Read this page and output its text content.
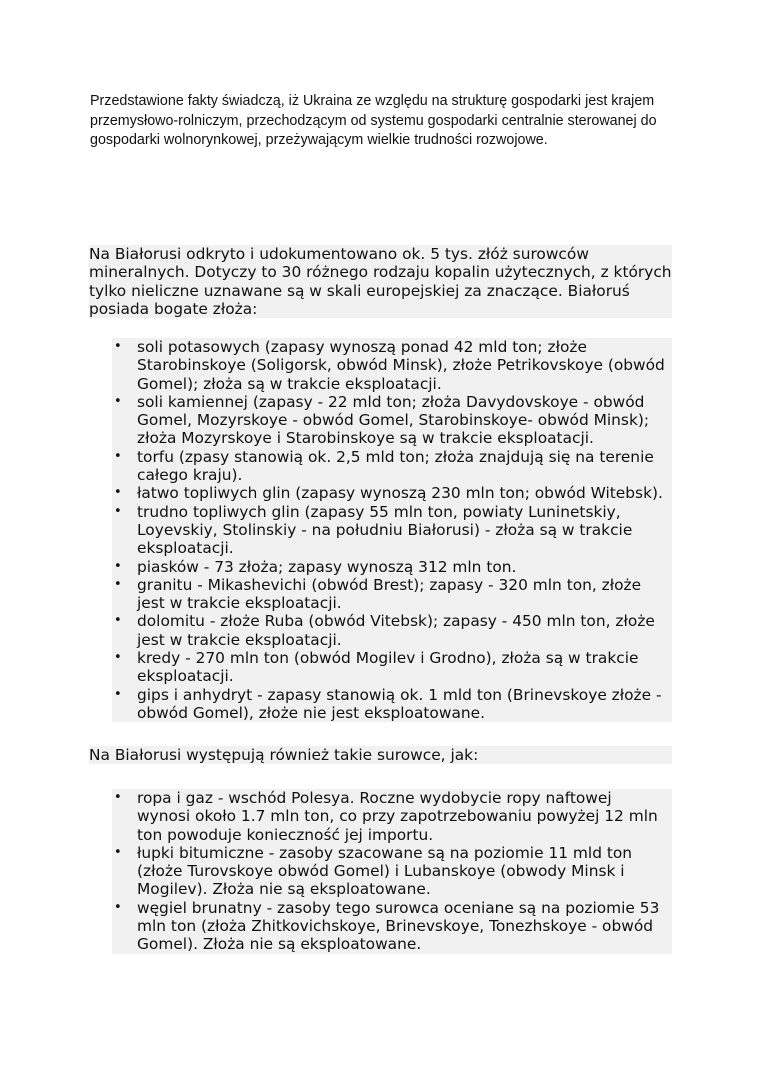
Przedstawione fakty świadczą, iż Ukraina ze względu na strukturę gospodarki jest krajem przemysłowo-rolniczym, przechodzącym od systemu gospodarki centralnie sterowanej do gospodarki wolnorynkowej, przeżywającym wielkie trudności rozwojowe.

Na Białorusi odkryto i udokumentowano ok. 5 tys. złóż surowców mineralnych. Dotyczy to 30 różnego rodzaju kopalin użytecznych, z których tylko nieliczne uznawane są w skali europejskiej za znaczące. Białoruś posiada bogate złoża:

• soli potasowych (zapasy wynoszą ponad 42 mld ton; złoże Starobinskoye (Soligorsk, obwód Minsk), złoże Petrikovskoye (obwód Gomel); złoża są w trakcie eksploatacji.
• soli kamiennej (zapasy - 22 mld ton; złoża Davydovskoye - obwód Gomel, Mozyrskoye - obwód Gomel, Starobinskoye- obwód Minsk); złoża Mozyrskoye i Starobinskoye są w trakcie eksploatacji.
• torfu (zpasy stanowią ok. 2,5 mld ton; złoża znajdują się na terenie całego kraju).
• łatwo topliwych glin (zapasy wynoszą 230 mln ton; obwód Witebsk).
• trudno topliwych glin (zapasy 55 mln ton, powiaty Luninetskiy, Loyevskiy, Stolinskiy - na południu Białorusi) - złoża są w trakcie eksploatacji.
• piasków - 73 złoża; zapasy wynoszą 312 mln ton.
• granitu - Mikashevichi (obwód Brest); zapasy - 320 mln ton, złoże jest w trakcie eksploatacji.
• dolomitu - złoże Ruba (obwód Vitebsk); zapasy - 450 mln ton, złoże jest w trakcie eksploatacji.
• kredy - 270 mln ton (obwód Mogilev i Grodno), złoża są w trakcie eksploatacji.
• gips i anhydryt - zapasy stanowią ok. 1 mld ton (Brinevskoye złoże - obwód Gomel), złoże nie jest eksploatowane.

Na Białorusi występują również takie surowce, jak:

• ropa i gaz - wschód Polesya. Roczne wydobycie ropy naftowej wynosi około 1.7 mln ton, co przy zapotrzebowaniu powyżej 12 mln ton powoduje konieczność jej importu.
• łupki bitumiczne - zasoby szacowane są na poziomie 11 mld ton (złoże Turovskoye obwód Gomel) i Lubanskoye (obwody Minsk i Mogilev). Złoża nie są eksploatowane.
• węgiel brunatny - zasoby tego surowca oceniane są na poziomie 53 mln ton (złoża Zhitkovichskoye, Brinevskoye, Tonezhskoye - obwód Gomel). Złoża nie są eksploatowane.
